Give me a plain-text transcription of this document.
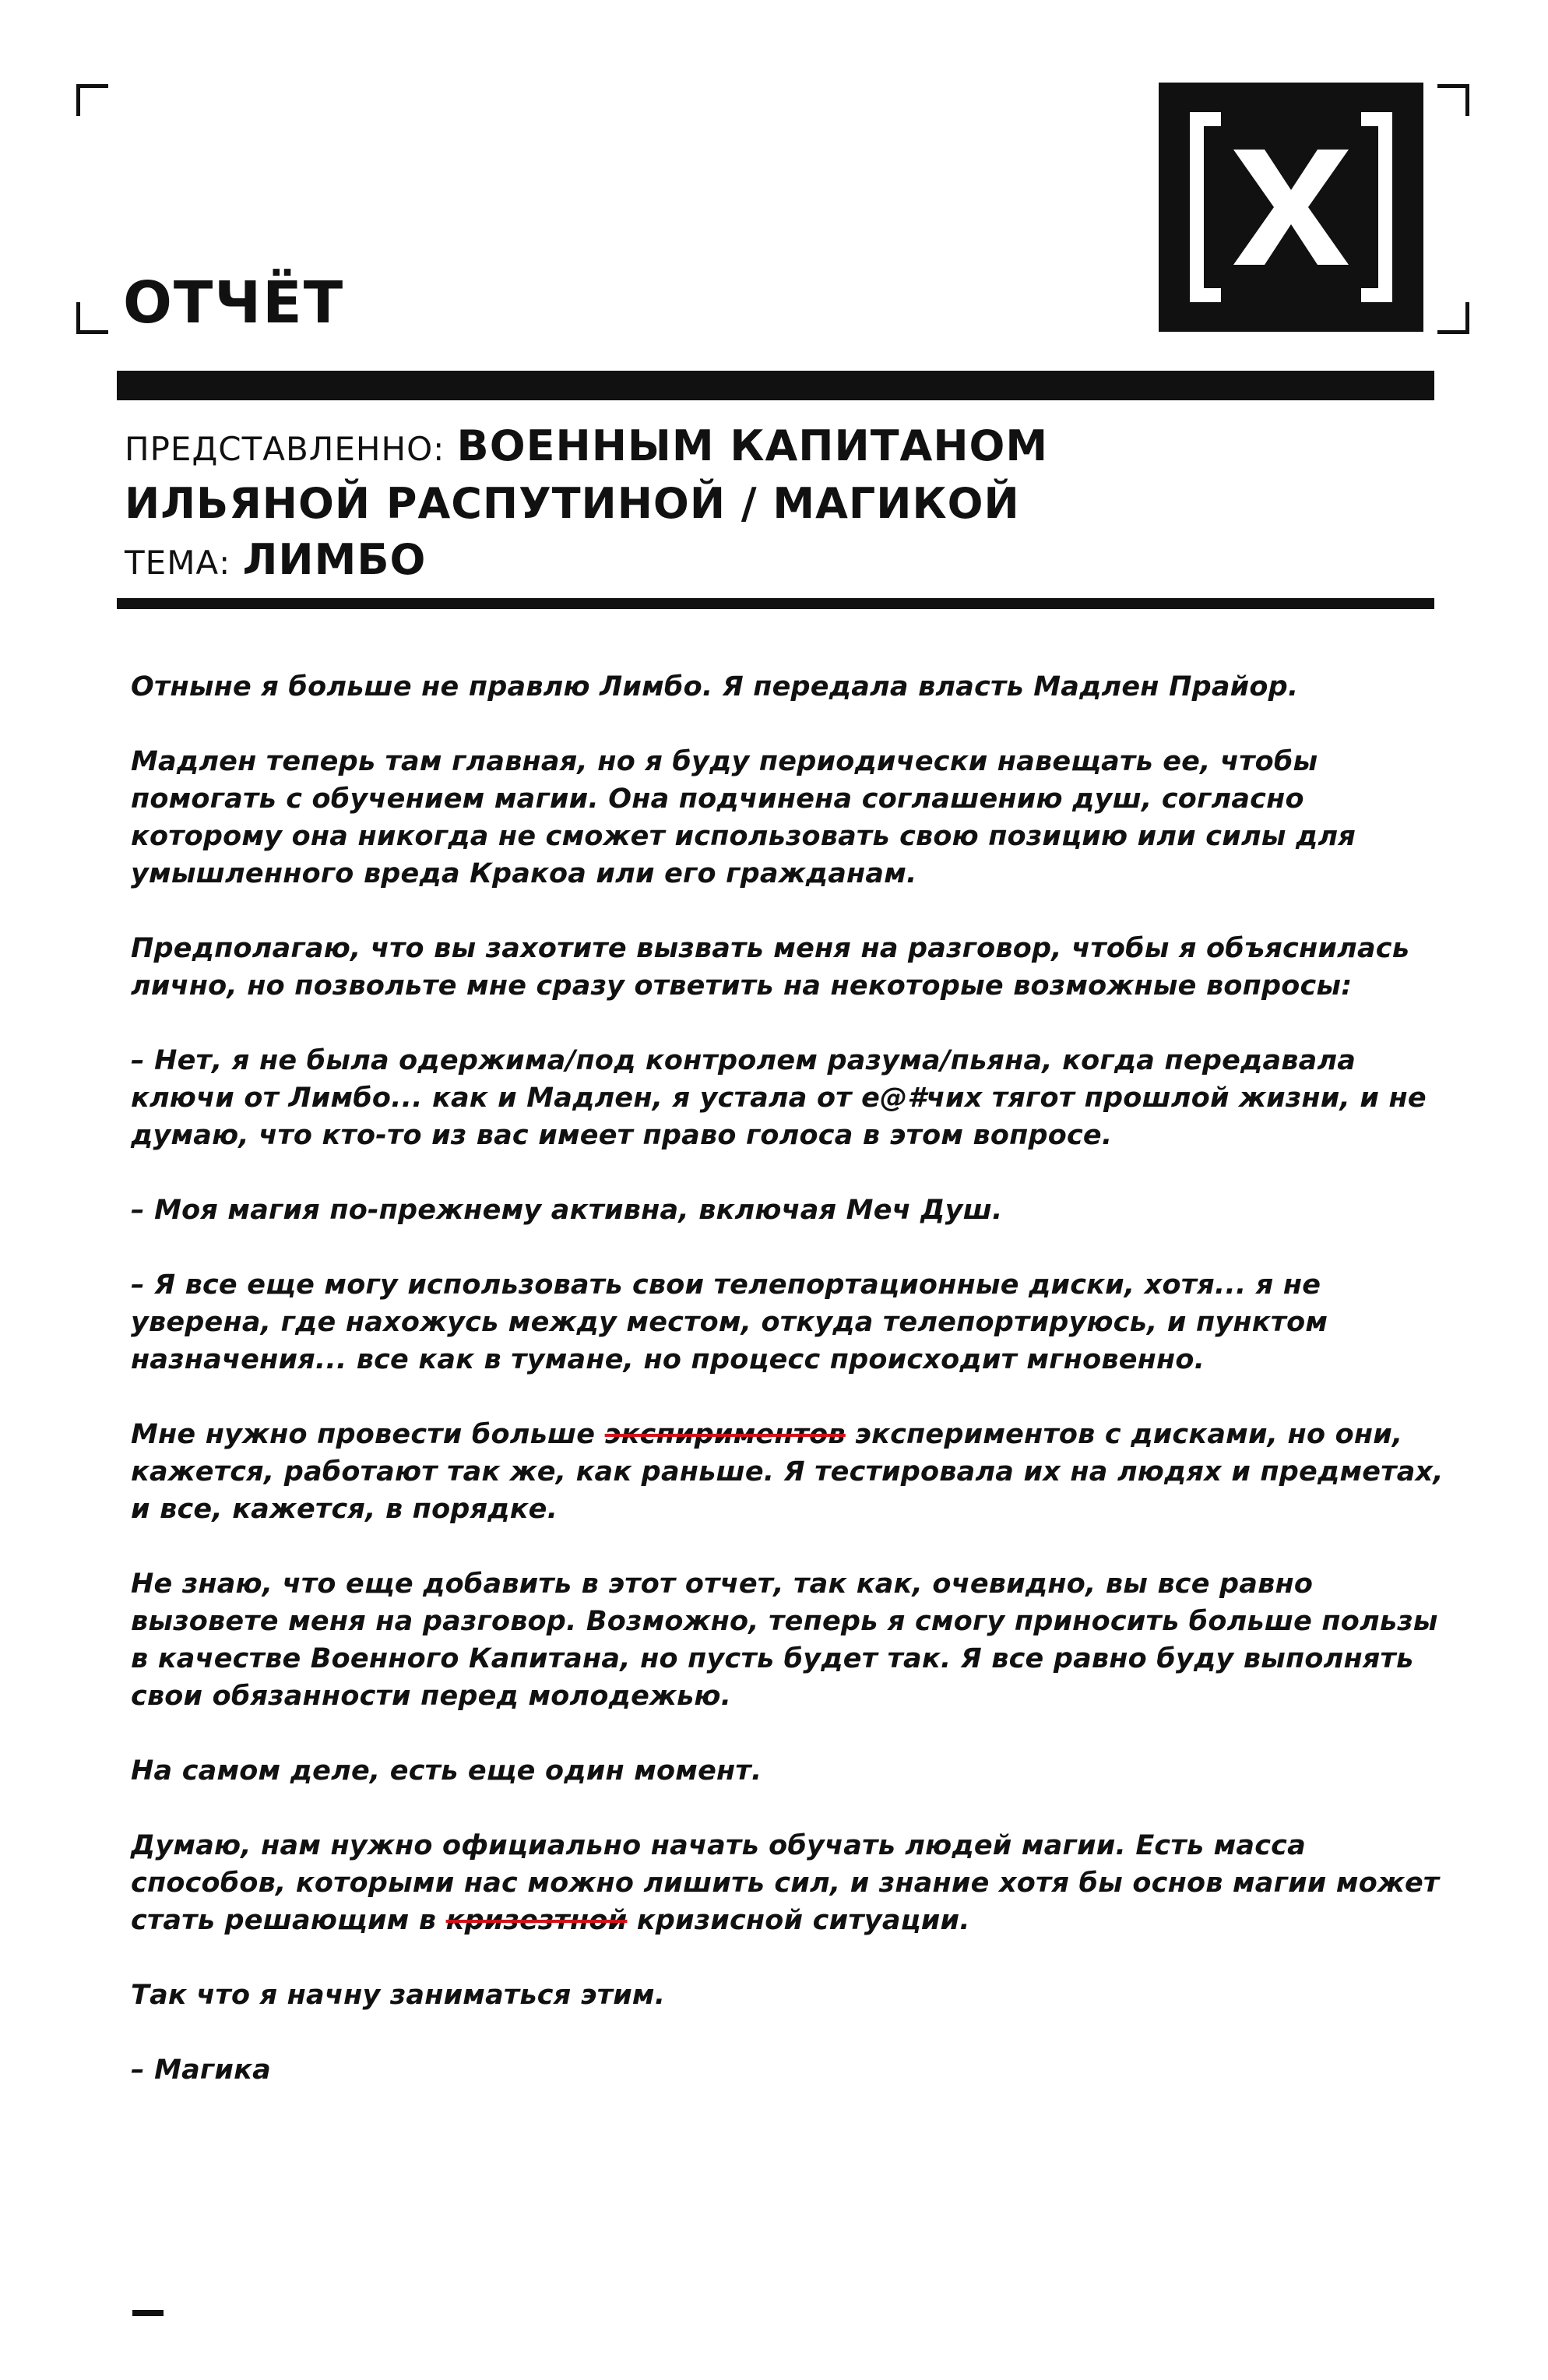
ОТЧЁТ
ПРЕДСТАВЛЕННО: ВОЕННЫМ КАПИТАНОМ
ИЛЬЯНОЙ РАСПУТИНОЙ / МАГИКОЙ
ТЕМА: ЛИМБО

Отныне я больше не правлю Лимбо. Я передала власть Мадлен Прайор.

Мадлен теперь там главная, но я буду периодически навещать ее, чтобы помогать с обучением магии. Она подчинена соглашению душ, согласно которому она никогда не сможет использовать свою позицию или силы для умышленного вреда Кракоа или его гражданам.

Предполагаю, что вы захотите вызвать меня на разговор, чтобы я объяснилась лично, но позвольте мне сразу ответить на некоторые возможные вопросы:

– Нет, я не была одержима/под контролем разума/пьяна, когда передавала ключи от Лимбо... как и Мадлен, я устала от е@#чих тягот прошлой жизни, и не думаю, что кто-то из вас имеет право голоса в этом вопросе.

– Моя магия по-прежнему активна, включая Меч Душ.

– Я все еще могу использовать свои телепортационные диски, хотя... я не уверена, где нахожусь между местом, откуда телепортируюсь, и пунктом назначения... все как в тумане, но процесс происходит мгновенно.

Мне нужно провести больше экспириментов экспериментов с дисками, но они, кажется, работают так же, как раньше. Я тестировала их на людях и предметах, и все, кажется, в порядке.

Не знаю, что еще добавить в этот отчет, так как, очевидно, вы все равно вызовете меня на разговор. Возможно, теперь я смогу приносить больше пользы в качестве Военного Капитана, но пусть будет так. Я все равно буду выполнять свои обязанности перед молодежью.

На самом деле, есть еще один момент.

Думаю, нам нужно официально начать обучать людей магии. Есть масса способов, которыми нас можно лишить сил, и знание хотя бы основ магии может стать решающим в кризезтной кризисной ситуации.

Так что я начну заниматься этим.

– Магика
